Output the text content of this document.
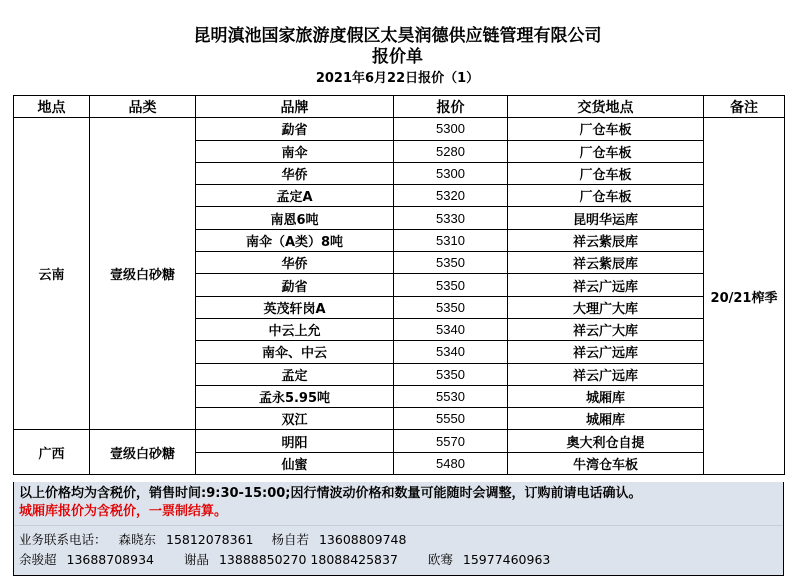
昆明滇池国家旅游度假区太昊润德供应链管理有限公司
报价单
2021年6月22日报价（1）
地点	品类	品牌	报价	交货地点	备注
云南	壹级白砂糖	勐省	5300	厂仓车板	20/21榨季
		南伞	5280	厂仓车板	
		华侨	5300	厂仓车板	
		孟定A	5320	厂仓车板	
		南恩6吨	5330	昆明华运库	
		南伞（A类）8吨	5310	祥云紫辰库	
		华侨	5350	祥云紫辰库	
		勐省	5350	祥云广远库	
		英茂轩岗A	5350	大理广大库	
		中云上允	5340	祥云广大库	
		南伞、中云	5340	祥云广远库	
		孟定	5350	祥云广远库	
		孟永5.95吨	5530	城厢库	
		双江	5550	城厢库	
广西	壹级白砂糖	明阳	5570	奥大利仓自提	
		仙蜜	5480	牛湾仓车板	
以上价格均为含税价，销售时间:9:30-15:00;因行情波动价格和数量可能随时会调整，订购前请电话确认。
城厢库报价为含税价，一票制结算。
业务联系电话： 森晓东 15812078361 杨自若 13608809748
余骏超 13688708934 谢晶 13888850270 18088425837 欧骞 15977460963
